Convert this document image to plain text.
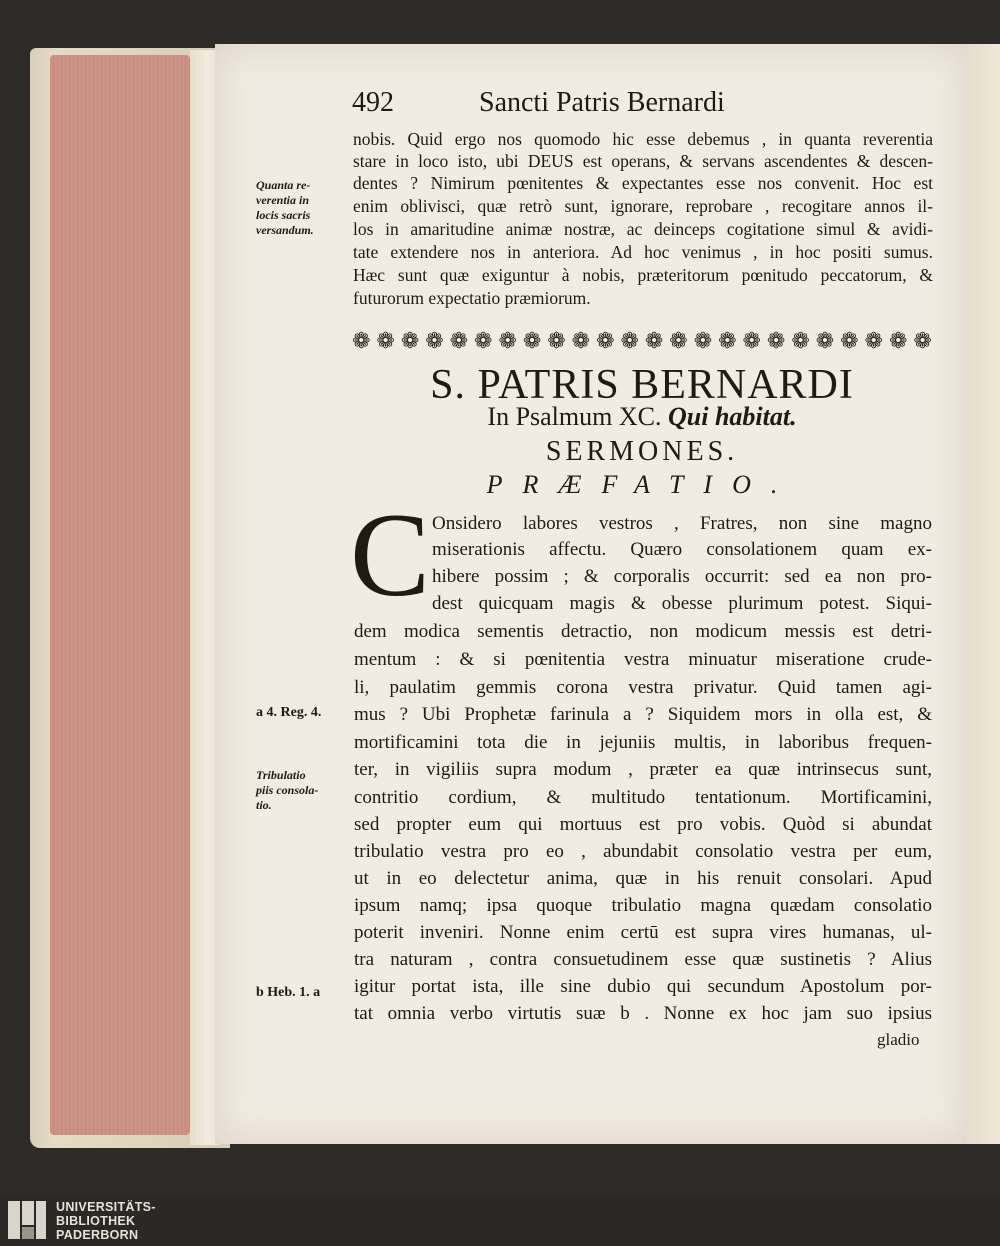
492	Sancti Patris Bernardi
nobis. Quid ergo nos quomodo hic esse debemus , in quanta reverentia
stare in loco isto, ubi DEUS est operans, & servans ascendentes & descen-
dentes ? Nimirum pœnitentes & expectantes esse nos convenit. Hoc est
enim oblivisci, quæ retrò sunt, ignorare, reprobare , recogitare annos il-
los in amaritudine animæ nostræ, ac deinceps cogitatione simul & avidi-
tate extendere nos in anteriora. Ad hoc venimus , in hoc positi sumus.
Hæc sunt quæ exiguntur à nobis, præteritorum pœnitudo peccatorum, &
futurorum expectatio præmiorum.
Quanta re-
verentia in
locis sacris
versandum.
❁ ❁ ❁ ❁ ❁ ❁ ❁ ❁ ❁ ❁ ❁ ❁ ❁ ❁ ❁ ❁ ❁ ❁ ❁ ❁ ❁ ❁ ❁ ❁
S. PATRIS BERNARDI
In Psalmum XC. Qui habitat.
SERMONES.
PRÆFATIO.
C Onsidero labores vestros , Fratres, non sine magno
miserationis affectu. Quæro consolationem quam ex-
hibere possim ; & corporalis occurrit: sed ea non pro-
dest quicquam magis & obesse plurimum potest. Siqui-
dem modica sementis detractio, non modicum messis est detri-
mentum : & si pœnitentia vestra minuatur miseratione crude-
li, paulatim gemmis corona vestra privatur. Quid tamen agi-
mus ? Ubi Prophetæ farinula a ? Siquidem mors in olla est, &
mortificamini tota die in jejuniis multis, in laboribus frequen-
ter, in vigiliis supra modum , præter ea quæ intrinsecus sunt,
contritio cordium, & multitudo tentationum. Mortificamini,
sed propter eum qui mortuus est pro vobis. Quòd si abundat
tribulatio vestra pro eo , abundabit consolatio vestra per eum,
ut in eo delectetur anima, quæ in his renuit consolari. Apud
ipsum namq; ipsa quoque tribulatio magna quædam consolatio
poterit inveniri. Nonne enim certū est supra vires humanas, ul-
tra naturam , contra consuetudinem esse quæ sustinetis ? Alius
igitur portat ista, ille sine dubio qui secundum Apostolum por-
tat omnia verbo virtutis suæ b . Nonne ex hoc jam suo ipsius
a 4. Reg. 4.
Tribulatio
piis consola-
tio.
b Heb. 1. a
gladio
UNIVERSITÄTS-
BIBLIOTHEK
PADERBORN
